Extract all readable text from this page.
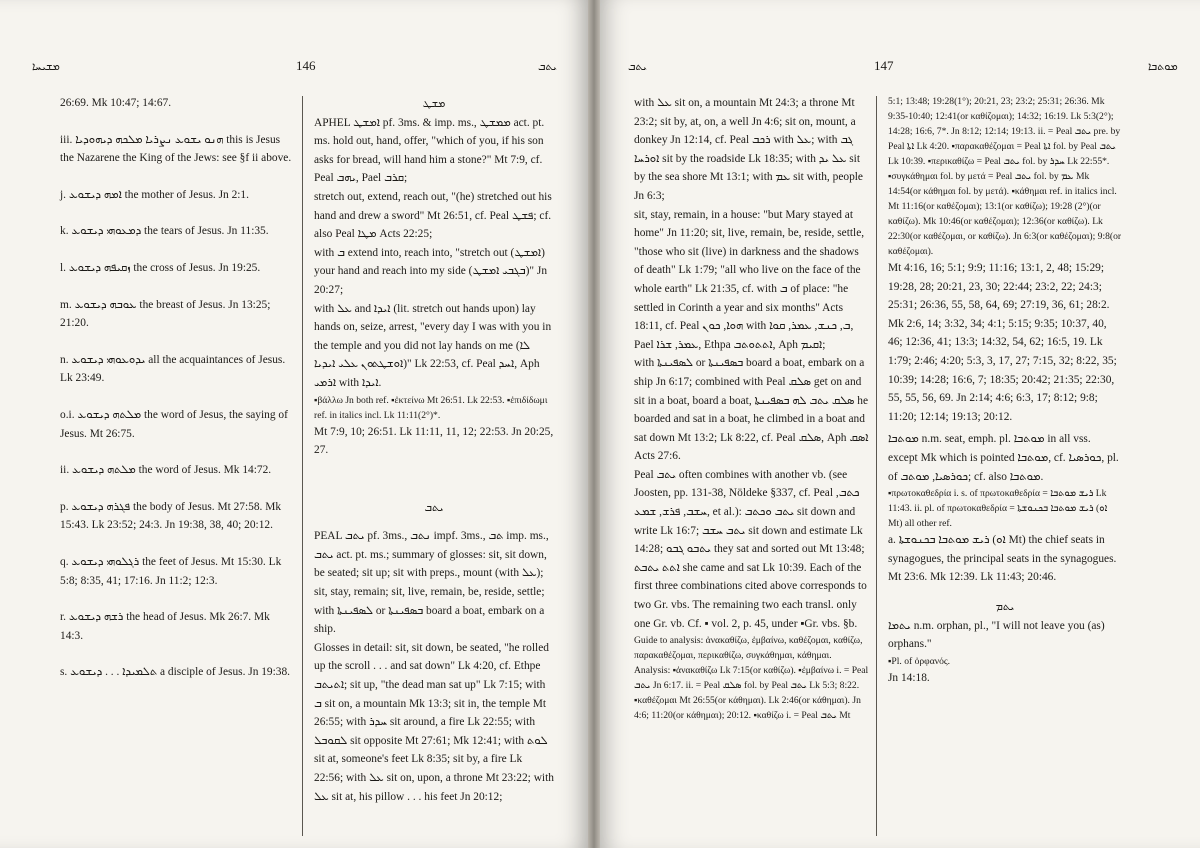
ܡܫܝܚܐ	146	ܝܬܒ

26:69. Mk 10:47; 14:67.

iii. ܗܢܘ ܝܫܘܥ ܢܨܪܝܐ ܡܠܟܗ ܕܝܗܘܕܝܐ this is Jesus the Nazarene the King of the Jews: see §f ii above.

j. ܐܡܗ ܕܝܫܘܥ the mother of Jesus. Jn 2:1.

k. ܕܡܥܘܗܝ ܕܝܫܘܥ the tears of Jesus. Jn 11:35.

l. ܙܩܝܦܗ ܕܝܫܘܥ the cross of Jesus. Jn 19:25.

m. ܥܘܒܗ ܕܝܫܘܥ the breast of Jesus. Jn 13:25; 21:20.

n. ܝܕܘܥܘܗܝ ܕܝܫܘܥ all the acquaintances of Jesus. Lk 23:49.

o.i. ܡܠܬܗ ܕܝܫܘܥ the word of Jesus, the saying of Jesus. Mt 26:75.

ii. ܡܠܬܗ ܕܝܫܘܥ the word of Jesus. Mk 14:72.

p. ܦܓܪܗ ܕܝܫܘܥ the body of Jesus. Mt 27:58. Mk 15:43. Lk 23:52; 24:3. Jn 19:38, 38, 40; 20:12.

q. ܪܓܠܘܗܝ ܕܝܫܘܥ the feet of Jesus. Mt 15:30. Lk 5:8; 8:35, 41; 17:16. Jn 11:2; 12:3.

r. ܪܫܗ ܕܝܫܘܥ the head of Jesus. Mk 26:7. Mk 14:3.

s. ܬܠܡܝܕܐ . . . ܕܝܫܘܥ a disciple of Jesus. Jn 19:38.

ܡܫܛ

APHEL ܐܡܫܛ pf. 3ms. & imp. ms., ܡܡܫܛ act. pt. ms. hold out, hand, offer, "which of you, if his son asks for bread, will hand him a stone?" Mt 7:9, cf. Peal ܝܗܒ, Pael ܩܪܒ;

stretch out, extend, reach out, "(he) stretched out his hand and drew a sword" Mt 26:51, cf. Peal ܦܫܛ; cf. also Peal ܡܛܐ Acts 22:25;

with ܒ extend into, reach into, "stretch out (ܐܡܫܛ) your hand and reach into my side (ܒܓܒܝ ܐܡܫܛ)" Jn 20:27;

with ܥܠ and ܐܝܕܐ (lit. stretch out hands upon) lay hands on, seize, arrest, "every day I was with you in the temple and you did not lay hands on me (ܠܐ ܐܘܫܛܬܘܢ ܥܠܝ ܐܝܕܝܐ)" Lk 22:53, cf. Peal ܐܚܕ, Aph ܐܪܡܝ with ܐܝܕܐ.

▪βάλλω Jn both ref. ▪ἐκτείνω Mt 26:51. Lk 22:53. ▪ἐπιδίδωμι ref. in italics incl. Lk 11:11(2°)*.

Mt 7:9, 10; 26:51. Lk 11:11, 11, 12; 22:53. Jn 20:25, 27.

ܝܬܒ

PEAL ܝܬܒ pf. 3ms., ܢܬܒ impf. 3ms., ܬܒ imp. ms., ܝܬܒ act. pt. ms.; summary of glosses: sit, sit down, be seated; sit up; sit with preps., mount (with ܥܠ); sit, stay, remain; sit, live, remain, be, reside, settle; with ܠܣܦܝܢܬܐ or ܒܣܦܝܢܬܐ board a boat, embark on a ship.

Glosses in detail: sit, sit down, be seated, "he rolled up the scroll . . . and sat down" Lk 4:20, cf. Ethpe ܐܬܝܬܒ; sit up, "the dead man sat up" Lk 7:15; with ܒ sit on, a mountain Mk 13:3; sit in, the temple Mt 26:55; with ܚܕܪ sit around, a fire Lk 22:55; with ܠܩܘܒܠ sit opposite Mt 27:61; Mk 12:41; with ܠܘܬ sit at, someone's feet Lk 8:35; sit by, a fire Lk 22:56; with ܥܠ sit on, upon, a throne Mt 23:22; with ܥܠ sit at, his pillow . . . his feet Jn 20:12;

ܝܬܒ	147	ܡܘܬܒܐ

with ܥܠ sit on, a mountain Mt 24:3; a throne Mt 23:2; sit by, at, on, a well Jn 4:6; sit on, mount, a donkey Jn 12:14, cf. Peal ܪܟܒ with ܥܠ; with ܓܒ ܐܘܪܚܐ sit by the roadside Lk 18:35; with ܥܠ ܝܕ sit by the sea shore Mt 13:1; with ܥܡ sit with, people Jn 6:3;

sit, stay, remain, in a house: "but Mary stayed at home" Jn 11:20; sit, live, remain, be, reside, settle, "those who sit (live) in darkness and the shadows of death" Lk 1:79; "all who live on the face of the whole earth" Lk 21:35, cf. with ܒ of place: "he settled in Corinth a year and six months" Acts 18:11, cf. Peal ܗܘܐ, ܟܘܢ with ܒ, ܟܢܫ, ܥܡܪ, ܩܘܐ, Pael ܥܡܪ, ܫܪܐ, Ethpa ܐܬܬܘܬܒ, Aph ܐܩܝܡ;

with ܠܣܦܝܢܬܐ or ܒܣܦܝܢܬܐ board a boat, embark on a ship Jn 6:17; combined with Peal ܣܠܩ get on and sit in a boat, board a boat, ܣܠܩ ܝܬܒ ܠܗ ܒܣܦܝܢܬܐ he boarded and sat in a boat, he climbed in a boat and sat down Mt 13:2; Lk 8:22, cf. Peal ܣܠܩ, Aph ܐܣܩ Acts 27:6.

Peal ܝܬܒ often combines with another vb. (see Joosten, pp. 131-38, Nöldeke §337, cf. Peal ܟܬܒ, ܚܫܒ, ܦܪܫ, ܫܡܥ, et al.): ܝܬܒ ܘܟܬܒ sit down and write Lk 16:7; ܝܬܒ ܚܫܒ sit down and estimate Lk 14:28; ܝܬܒܘ ܓܒܘ they sat and sorted out Mt 13:48; ܐܬܬ ܝܬܒܬ she came and sat Lk 10:39. Each of the first three combinations cited above corresponds to two Gr. vbs. The remaining two each transl. only one Gr. vb. Cf. ▪ vol. 2, p. 45, under ▪Gr. vbs. §b.

Guide to analysis: ἀνακαθίζω, ἐμβαίνω, καθέζομαι, καθίζω, παρακαθέζομαι, περικαθίζω, συγκάθημαι, κάθημαι.

Analysis: ▪ἀνακαθίζω Lk 7:15(or καθίζω). ▪ἐμβαίνω i. = Peal ܝܬܒ Jn 6:17. ii. = Peal ܣܠܩ fol. by Peal ܝܬܒ Lk 5:3; 8:22. ▪καθέζομαι Mt 26:55(or κάθημαι). Lk 2:46(or κάθημαι). Jn 4:6; 11:20(or κάθημαι); 20:12. ▪καθίζω i. = Peal ܝܬܒ Mt

5:1; 13:48; 19:28(1°); 20:21, 23; 23:2; 25:31; 26:36. Mk 9:35-10:40; 12:41(or καθίζομαι); 14:32; 16:19. Lk 5:3(2°); 14:28; 16:6, 7*. Jn 8:12; 12:14; 19:13. ii. = Peal ܝܬܒ pre. by Peal ܐܬܐ Lk 4:20. ▪παρακαθέζομαι = Peal ܐܬܐ fol. by Peal ܝܬܒ Lk 10:39. ▪περικαθίζω = Peal ܝܬܒ fol. by ܚܕܪ Lk 22:55*. ▪συγκάθημαι fol. by μετά = Peal ܝܬܒ fol. by ܥܡ Mk 14:54(or κάθημαι fol. by μετά). ▪κάθημαι ref. in italics incl. Mt 11:16(or καθέζομαι); 13:1(or καθίζω); 19:28 (2°)(or καθίζω). Mk 10:46(or καθέζομαι); 12:36(or καθίζω). Lk 22:30(or καθέζομαι, or καθίζω). Jn 6:3(or καθέζομαι); 9:8(or καθέζομαι).

Mt 4:16, 16; 5:1; 9:9; 11:16; 13:1, 2, 48; 15:29; 19:28, 28; 20:21, 23, 30; 22:44; 23:2, 22; 24:3; 25:31; 26:36, 55, 58, 64, 69; 27:19, 36, 61; 28:2. Mk 2:6, 14; 3:32, 34; 4:1; 5:15; 9:35; 10:37, 40, 46; 12:36, 41; 13:3; 14:32, 54, 62; 16:5, 19. Lk 1:79; 2:46; 4:20; 5:3, 3, 17, 27; 7:15, 32; 8:22, 35; 10:39; 14:28; 16:6, 7; 18:35; 20:42; 21:35; 22:30, 55, 55, 56, 69. Jn 2:14; 4:6; 6:3, 17; 8:12; 9:8; 11:20; 12:14; 19:13; 20:12.

ܡܘܬܒܐ n.m. seat, emph. pl. ܡܘܬܒܐ in all vss. except Mk which is pointed ܡܘܬܒܐ, cf. ܟܘܪܣܝܐ, pl. of ܟܘܪܣܝܐ, ܡܘܬܒ; cf. also ܡܘܬܒܐ.

▪πρωτοκαθεδρία i. s. of πρωτοκαθεδρία = ܪܝܫ ܡܘܬܒܐ Lk 11:43. ii. pl. of πρωτοκαθεδρία = ܪܝܫ ܡܘܬܒܐ ܒܟܢܘܫܬܐ (ܐܘ Mt) all other ref.

a. ܪܝܫ ܡܘܬܒܐ ܒܟܢܘܫܬܐ (ܐܘ Mt) the chief seats in synagogues, the principal seats in the synagogues. Mt 23:6. Mk 12:39. Lk 11:43; 20:46.

ܝܬܡ

ܝܬܡܐ n.m. orphan, pl., "I will not leave you (as) orphans."

▪Pl. of ὀρφανός.

Jn 14:18.
